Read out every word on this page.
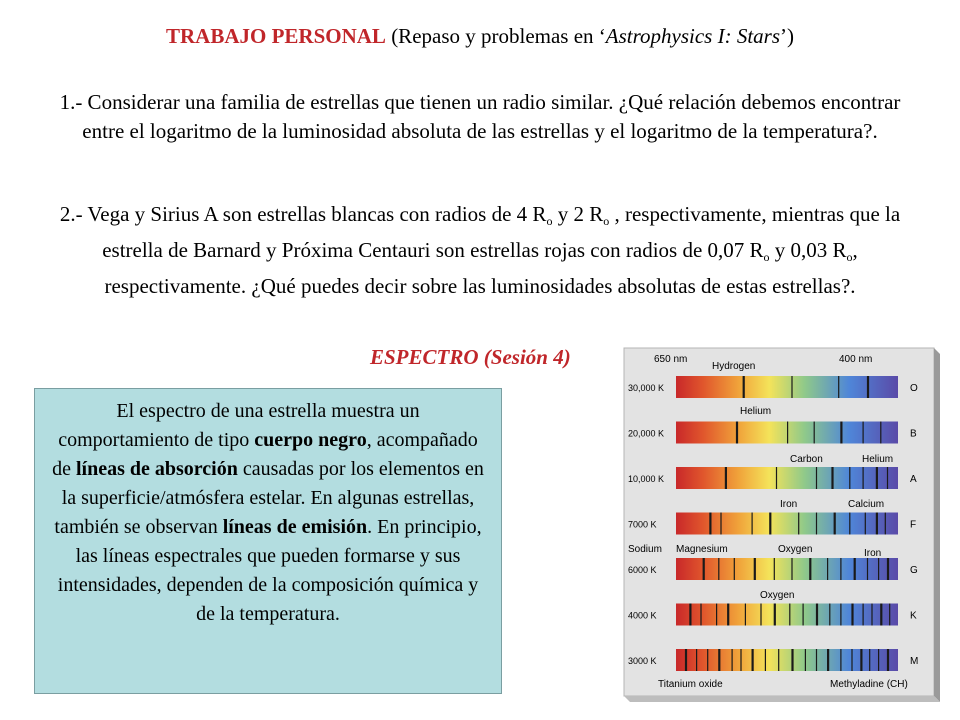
TRABAJO PERSONAL (Repaso y problemas en ‘Astrophysics I: Stars’)
1.- Considerar una familia de estrellas que tienen un radio similar. ¿Qué relación debemos encontrar entre el logaritmo de la luminosidad absoluta de las estrellas y el logaritmo de la temperatura?.
2.- Vega y Sirius A son estrellas blancas con radios de 4 $R_o$ y 2 $R_o$ , respectivamente, mientras que la estrella de Barnard y Próxima Centauri son estrellas rojas con radios de 0,07 $R_o$ y 0,03 $R_o$, respectivamente. ¿Qué puedes decir sobre las luminosidades absolutas de estas estrellas?.
ESPECTRO (Sesión 4)
El espectro de una estrella muestra un comportamiento de tipo cuerpo negro, acompañado de líneas de absorción causadas por los elementos en la superficie/atmósfera estelar. En algunas estrellas, también se observan líneas de emisión. En principio, las líneas espectrales que pueden formarse y sus intensidades, dependen de la composición química y de la temperatura.
650 nm	400 nm
30,000 K	O
20,000 K	B
10,000 K	A
7000 K	F
6000 K	G
4000 K	K
3000 K	M
Hydrogen
Helium
Carbon	Helium
Iron	Calcium
Sodium Magnesium	Oxygen	Iron
Oxygen
Titanium oxide	Methyladine (CH)
